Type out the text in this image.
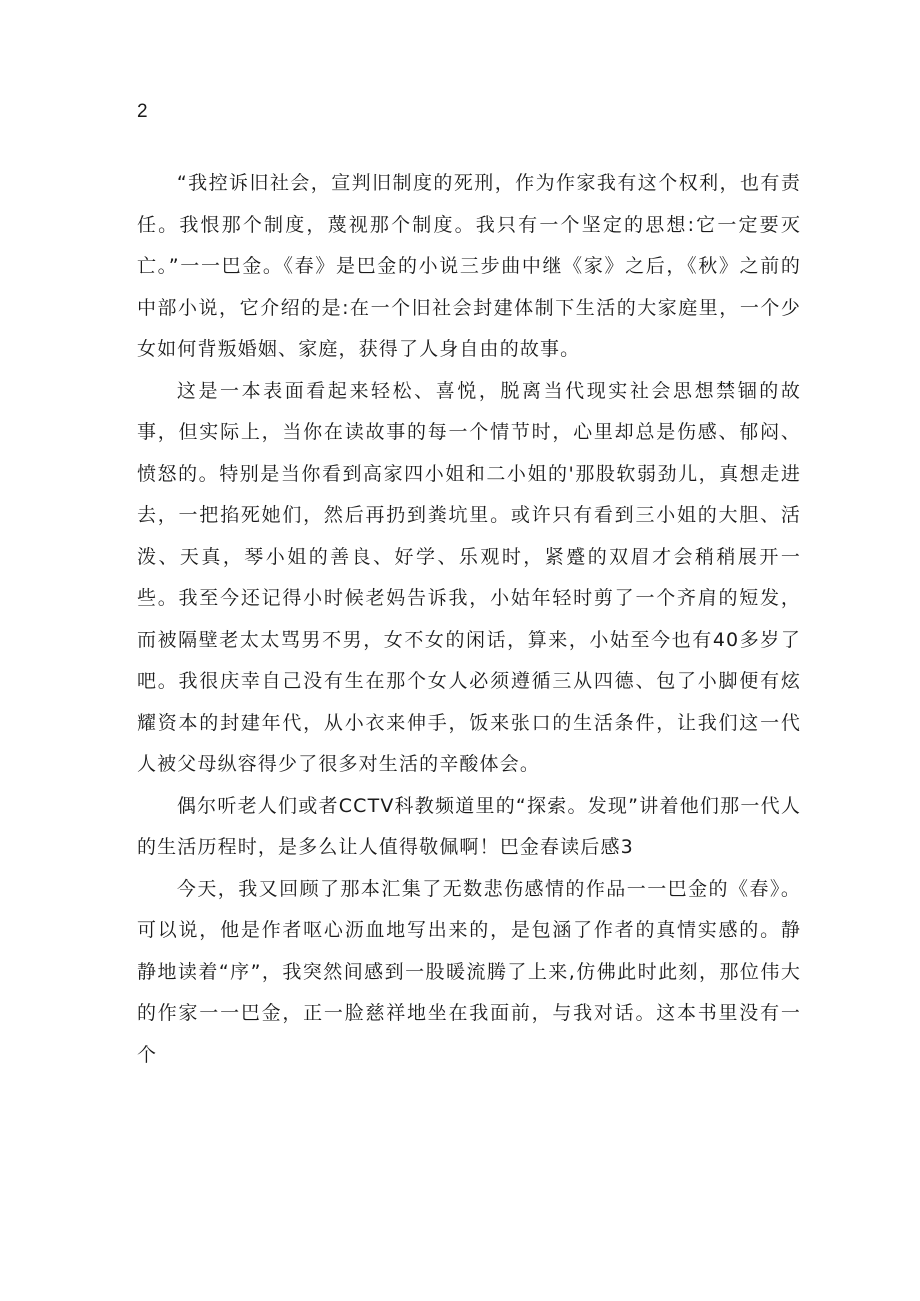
2

“我控诉旧社会，宣判旧制度的死刑，作为作家我有这个权利，也有责任。我恨那个制度，蔑视那个制度。我只有一个坚定的思想:它一定要灭亡。”一一巴金。《春》是巴金的小说三步曲中继《家》之后，《秋》之前的中部小说，它介绍的是:在一个旧社会封建体制下生活的大家庭里，一个少女如何背叛婚姻、家庭，获得了人身自由的故事。

这是一本表面看起来轻松、喜悦，脱离当代现实社会思想禁锢的故事，但实际上，当你在读故事的每一个情节时，心里却总是伤感、郁闷、愤怒的。特别是当你看到高家四小姐和二小姐的'那股软弱劲儿，真想走进去，一把掐死她们，然后再扔到粪坑里。或许只有看到三小姐的大胆、活泼、天真，琴小姐的善良、好学、乐观时，紧蹙的双眉才会稍稍展开一些。我至今还记得小时候老妈告诉我，小姑年轻时剪了一个齐肩的短发，而被隔壁老太太骂男不男，女不女的闲话，算来，小姑至今也有40多岁了吧。我很庆幸自己没有生在那个女人必须遵循三从四德、包了小脚便有炫耀资本的封建年代，从小衣来伸手，饭来张口的生活条件，让我们这一代人被父母纵容得少了很多对生活的辛酸体会。

偶尔听老人们或者CCTV科教频道里的“探索。发现”讲着他们那一代人的生活历程时，是多么让人值得敬佩啊！巴金春读后感3

今天，我又回顾了那本汇集了无数悲伤感情的作品一一巴金的《春》。可以说，他是作者呕心沥血地写出来的，是包涵了作者的真情实感的。静静地读着“序”，我突然间感到一股暖流腾了上来,仿佛此时此刻，那位伟大的作家一一巴金，正一脸慈祥地坐在我面前，与我对话。这本书里没有一个
